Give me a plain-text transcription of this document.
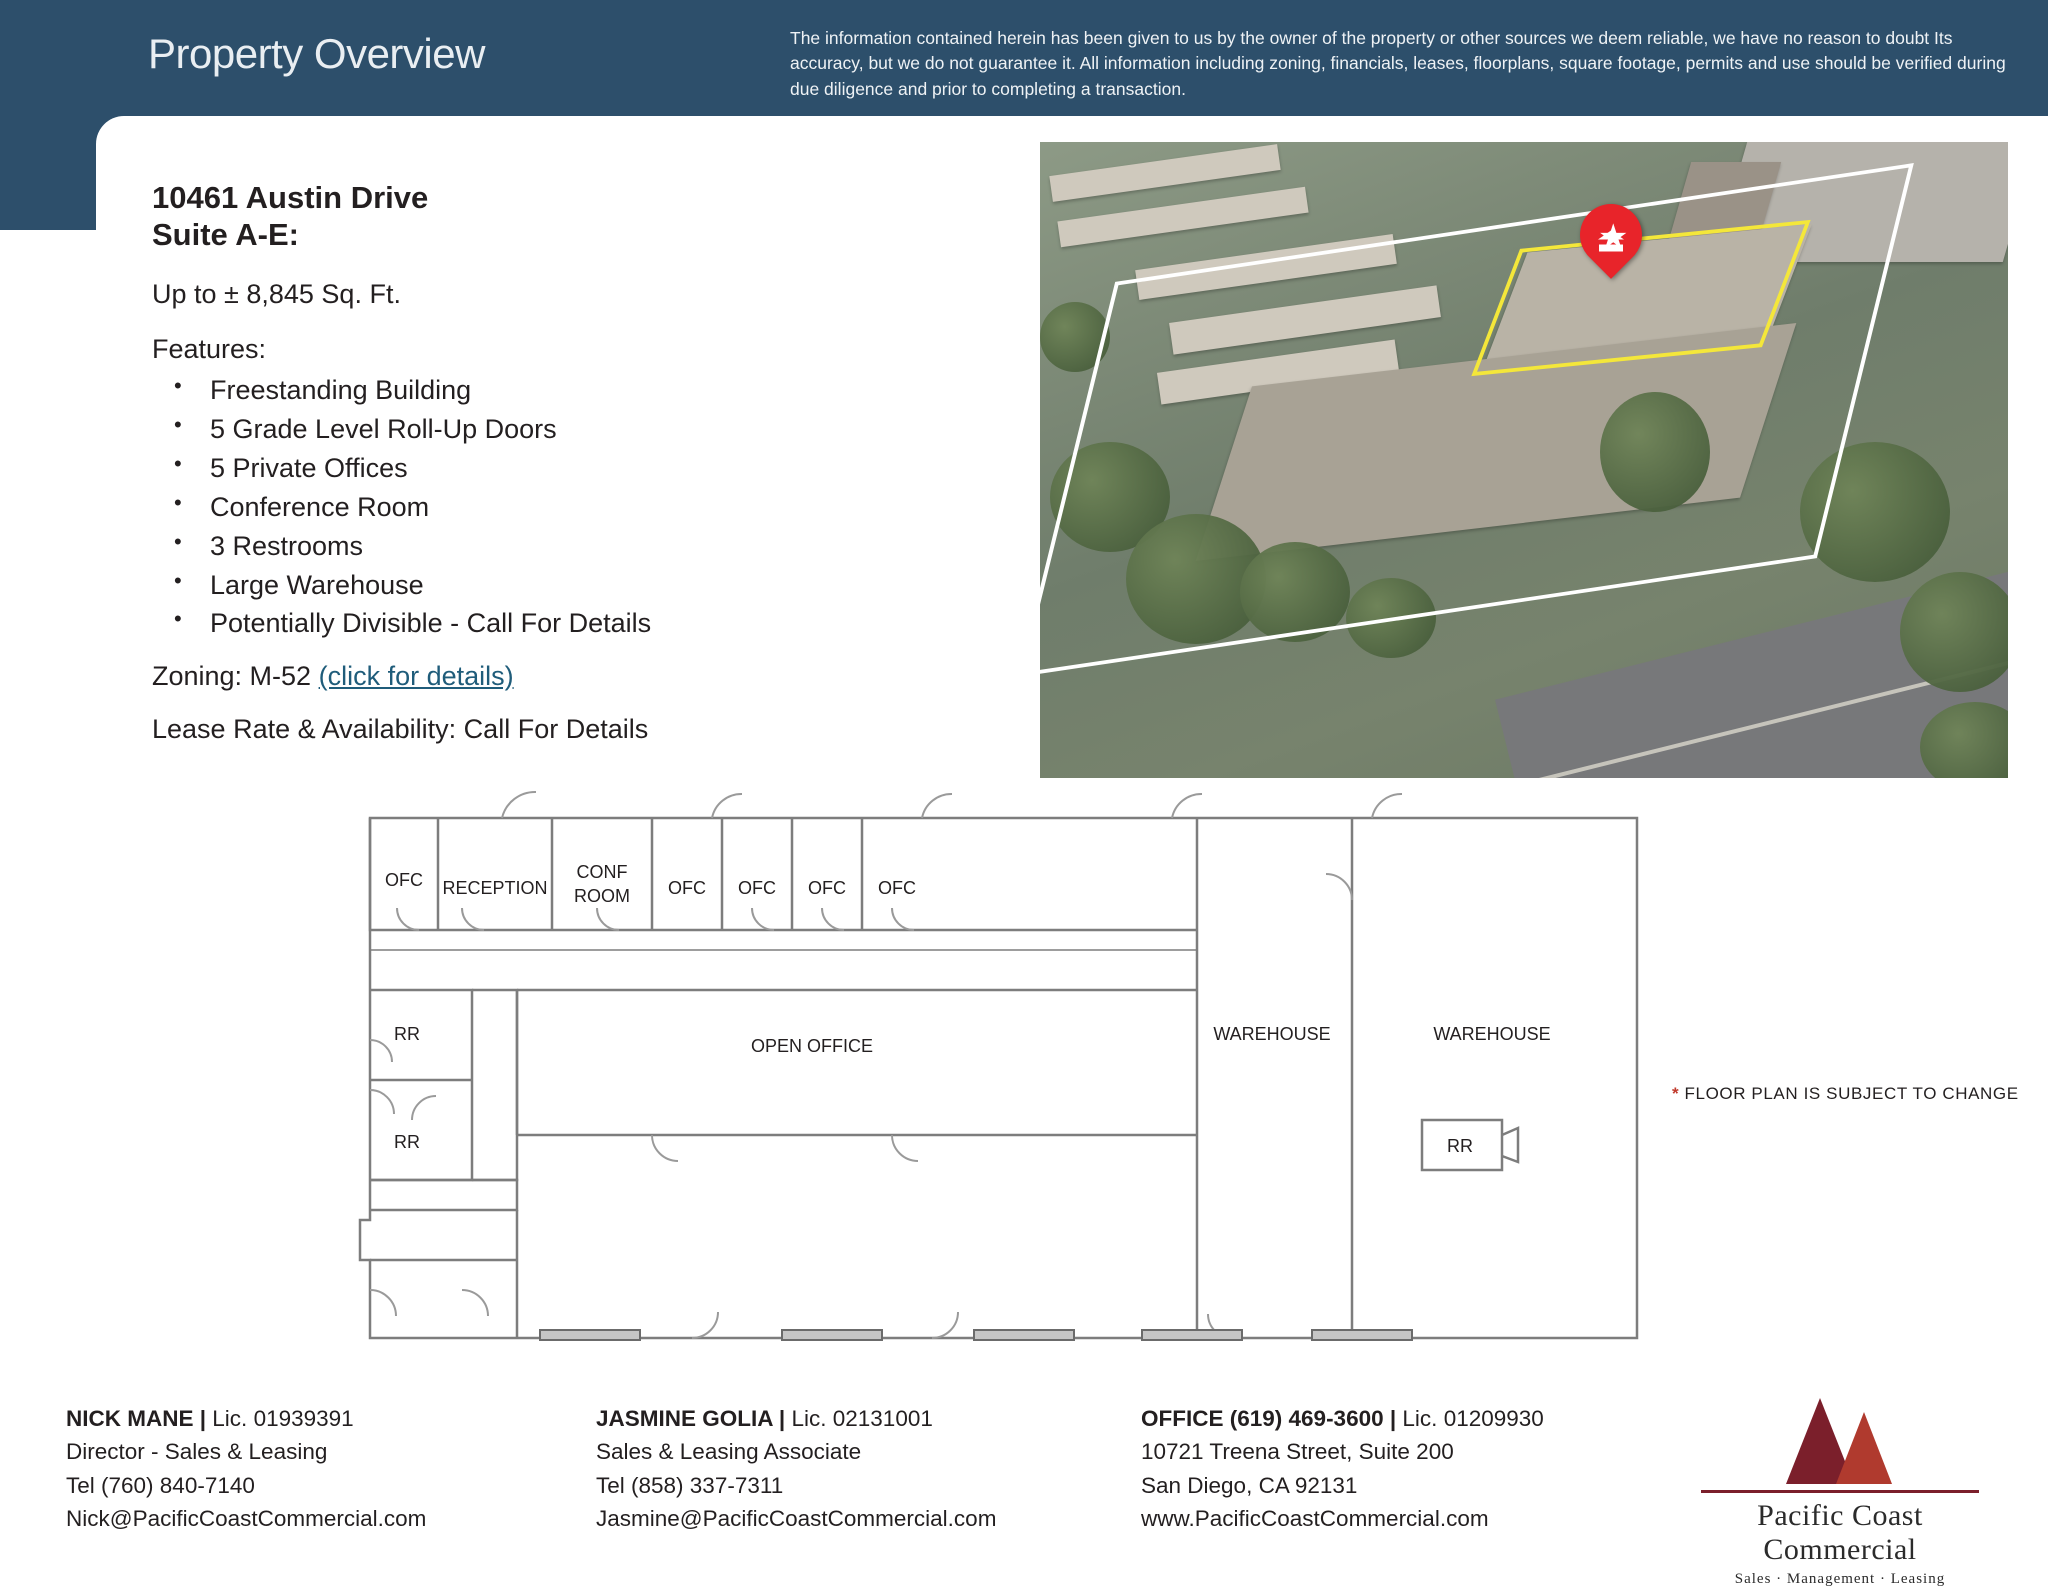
Property Overview	The information contained herein has been given to us by the owner of the property or other sources we deem reliable, we have no reason to doubt Its accuracy, but we do not guarantee it. All information including zoning, financials, leases, floorplans, square footage, permits and use should be verified during due diligence and prior to completing a transaction.
10461 Austin Drive
Suite A-E:

Up to ± 8,845 Sq. Ft.

Features:

• Freestanding Building
• 5 Grade Level Roll-Up Doors
• 5 Private Offices
• Conference Room
• 3 Restrooms
• Large Warehouse
• Potentially Divisible - Call For Details

Zoning: M-52 (click for details)

Lease Rate & Availability: Call For Details

★
OFC RECEPTION
CONF
ROOM OFC OFC OFC OFC
RR
RR	RR
OPEN OFFICE
WAREHOUSE	WAREHOUSE
* FLOOR PLAN IS SUBJECT TO CHANGE
NICK MANE | Lic. 01939391
Director - Sales & Leasing
Tel (760) 840-7140
Nick@PacificCoastCommercial.com
JASMINE GOLIA | Lic. 02131001
Sales & Leasing Associate
Tel (858) 337-7311
Jasmine@PacificCoastCommercial.com
OFFICE (619) 469-3600 | Lic. 01209930
10721 Treena Street, Suite 200
San Diego, CA 92131
www.PacificCoastCommercial.com	Pacific Coast
Commercial
Sales · Management · Leasing
